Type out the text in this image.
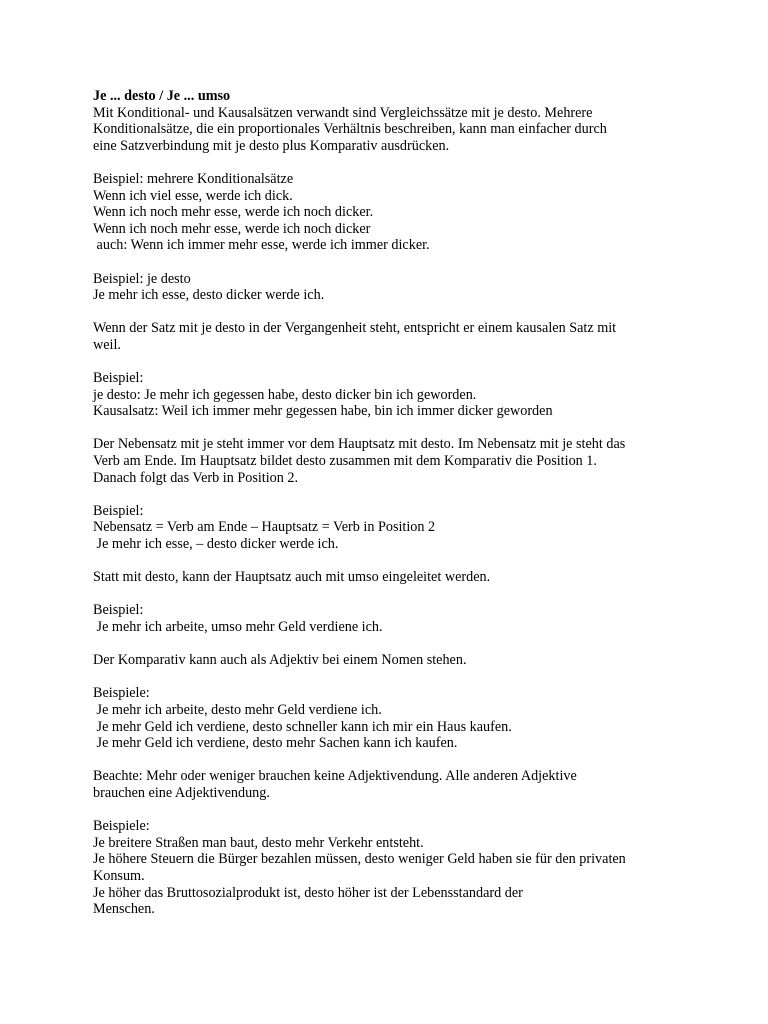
Je ... desto / Je ... umso
Mit Konditional- und Kausalsätzen verwandt sind Vergleichssätze mit je desto. Mehrere
Konditionalsätze, die ein proportionales Verhältnis beschreiben, kann man einfacher durch
eine Satzverbindung mit je desto plus Komparativ ausdrücken.
Beispiel: mehrere Konditionalsätze
Wenn ich viel esse, werde ich dick.
Wenn ich noch mehr esse, werde ich noch dicker.
Wenn ich noch mehr esse, werde ich noch dicker
auch: Wenn ich immer mehr esse, werde ich immer dicker.
Beispiel: je desto
Je mehr ich esse, desto dicker werde ich.
Wenn der Satz mit je desto in der Vergangenheit steht, entspricht er einem kausalen Satz mit
weil.
Beispiel:
je desto: Je mehr ich gegessen habe, desto dicker bin ich geworden.
Kausalsatz: Weil ich immer mehr gegessen habe, bin ich immer dicker geworden
Der Nebensatz mit je steht immer vor dem Hauptsatz mit desto. Im Nebensatz mit je steht das
Verb am Ende. Im Hauptsatz bildet desto zusammen mit dem Komparativ die Position 1.
Danach folgt das Verb in Position 2.
Beispiel:
Nebensatz = Verb am Ende – Hauptsatz = Verb in Position 2
Je mehr ich esse, – desto dicker werde ich.
Statt mit desto, kann der Hauptsatz auch mit umso eingeleitet werden.
Beispiel:
Je mehr ich arbeite, umso mehr Geld verdiene ich.
Der Komparativ kann auch als Adjektiv bei einem Nomen stehen.
Beispiele:
Je mehr ich arbeite, desto mehr Geld verdiene ich.
Je mehr Geld ich verdiene, desto schneller kann ich mir ein Haus kaufen.
Je mehr Geld ich verdiene, desto mehr Sachen kann ich kaufen.
Beachte: Mehr oder weniger brauchen keine Adjektivendung. Alle anderen Adjektive
brauchen eine Adjektivendung.
Beispiele:
Je breitere Straßen man baut, desto mehr Verkehr entsteht.
Je höhere Steuern die Bürger bezahlen müssen, desto weniger Geld haben sie für den privaten
Konsum.
Je höher das Bruttosozialprodukt ist, desto höher ist der Lebensstandard der
Menschen.
